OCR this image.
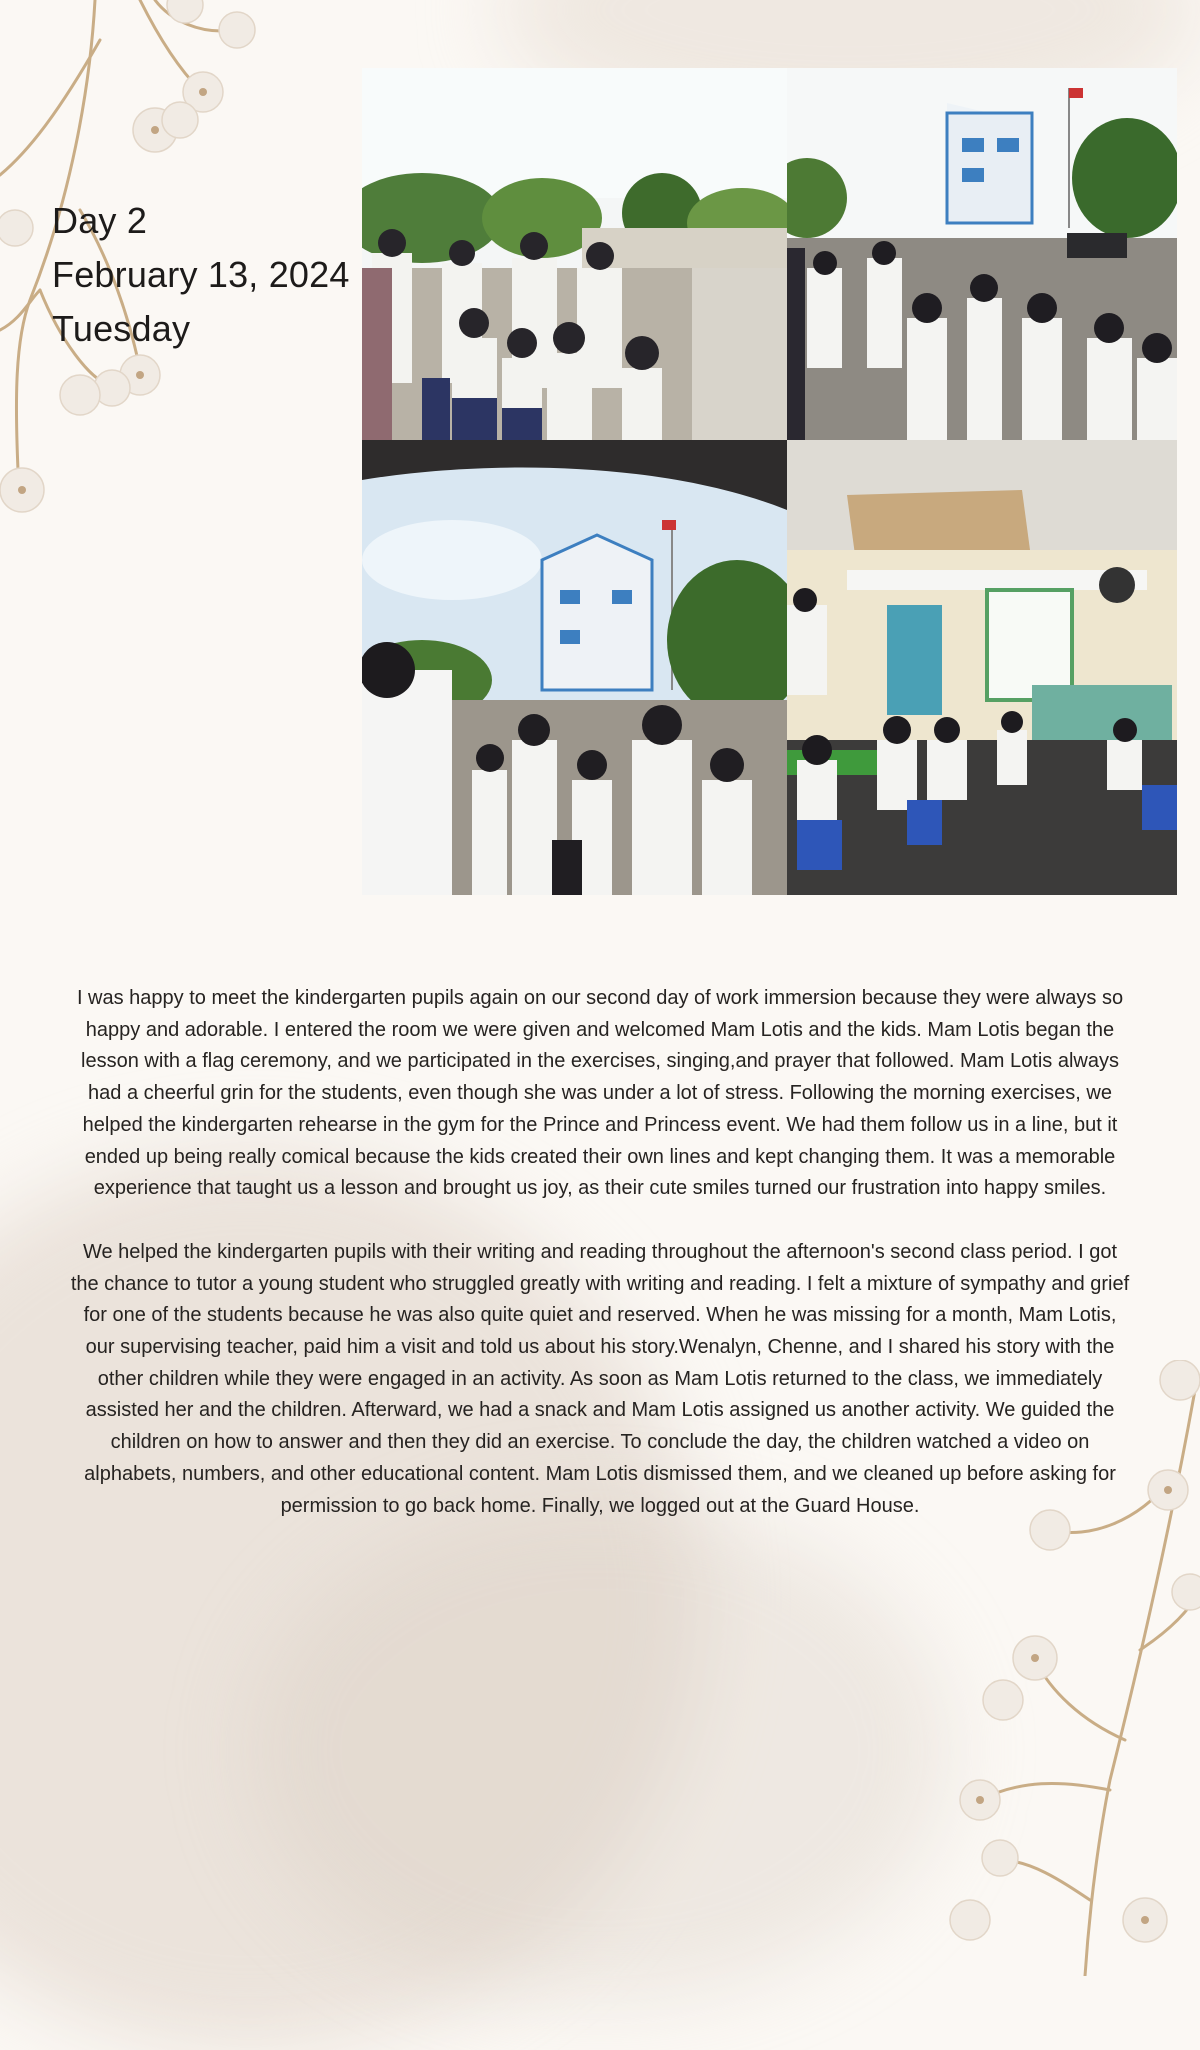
Day 2
February 13, 2024
Tuesday

I was happy to meet the kindergarten pupils again on our second day of work immersion because they were always so happy and adorable. I entered the room we were given and welcomed Mam Lotis and the kids. Mam Lotis began the lesson with a flag ceremony, and we participated in the exercises, singing,and prayer that followed. Mam Lotis always had a cheerful grin for the students, even though she was under a lot of stress. Following the morning exercises, we helped the kindergarten rehearse in the gym for the Prince and Princess event. We had them follow us in a line, but it ended up being really comical because the kids created their own lines and kept changing them. It was a memorable experience that taught us a lesson and brought us joy, as their cute smiles turned our frustration into happy smiles.

We helped the kindergarten pupils with their writing and reading throughout the afternoon's second class period. I got the chance to tutor a young student who struggled greatly with writing and reading. I felt a mixture of sympathy and grief for one of the students because he was also quite quiet and reserved. When he was missing for a month, Mam Lotis, our supervising teacher, paid him a visit and told us about his story.Wenalyn, Chenne, and I shared his story with the other children while they were engaged in an activity. As soon as Mam Lotis returned to the class, we immediately assisted her and the children. Afterward, we had a snack and Mam Lotis assigned us another activity. We guided the children on how to answer and then they did an exercise. To conclude the day, the children watched a video on alphabets, numbers, and other educational content. Mam Lotis dismissed them, and we cleaned up before asking for permission to go back home. Finally, we logged out at the Guard House.
